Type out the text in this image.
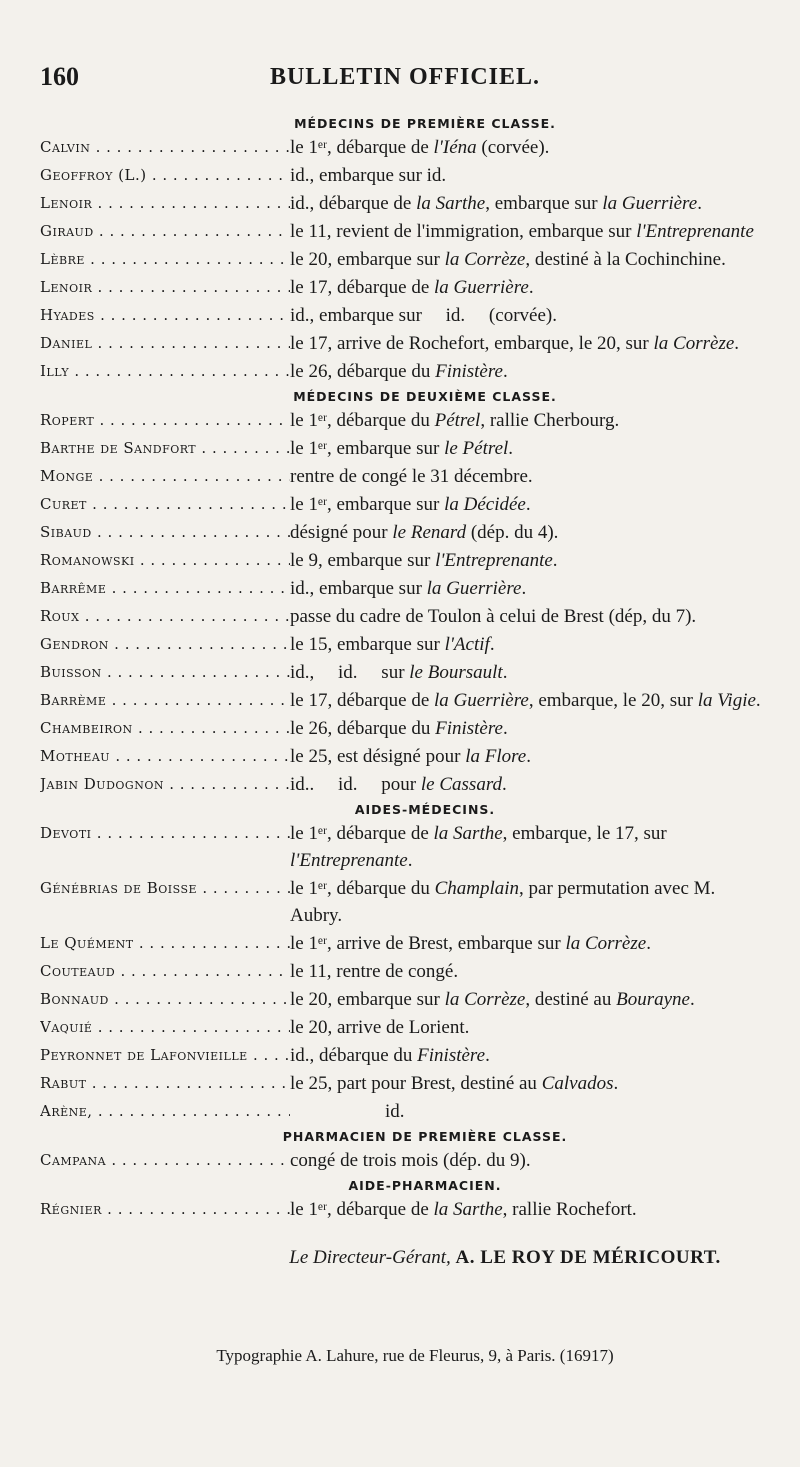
160	BULLETIN OFFICIEL.
MÉDECINS DE PREMIÈRE CLASSE.
Calvin . . .	le 1ᵉʳ, débarque de l'Iéna (corvée).
Geoffroy (L.) . . .	id., embarque sur id.
Lenoir . . .	id., débarque de la Sarthe, embarque sur la Guerrière.
Giraud . . .	le 11, revient de l'immigration, embarque sur l'Entreprenante
Lèbre . . .	le 20, embarque sur la Corrèze, destiné à la Cochinchine.
Lenoir . . .	le 17, débarque de la Guerrière.
Hyades . . .	id., embarque sur     id.     (corvée).
Daniel . . .	le 17, arrive de Rochefort, embarque, le 20, sur la Corrèze.
Illy . . .	le 26, débarque du Finistère.
MÉDECINS DE DEUXIÈME CLASSE.
Ropert . . .	le 1ᵉʳ, débarque du Pétrel, rallie Cherbourg.
Barthe de Sandfort . . .	le 1ᵉʳ, embarque sur le Pétrel.
Monge . . .	rentre de congé le 31 décembre.
Curet . . .	le 1ᵉʳ, embarque sur la Décidée.
Sibaud . . .	désigné pour le Renard (dép. du 4).
Romanowski . . .	le 9, embarque sur l'Entreprenante.
Barrême . . .	id., embarque sur la Guerrière.
Roux . . .	passe du cadre de Toulon à celui de Brest (dép, du 7).
Gendron . . .	le 15, embarque sur l'Actif.
Buisson . . .	id.,     id.     sur le Boursault.
Barrème . . .	le 17, débarque de la Guerrière, embarque, le 20, sur la Vigie.
Chambeiron . . .	le 26, débarque du Finistère.
Motheau . . .	le 25, est désigné pour la Flore.
Jabin Dudognon . . .	id..     id.     pour le Cassard.
AIDES-MÉDECINS.
Devoti . . .	le 1ᵉʳ, débarque de la Sarthe, embarque, le 17, sur l'Entreprenante.
Génébrias de Boisse . . .	le 1ᵉʳ, débarque du Champlain, par permutation avec M. Aubry.
Le Quément . . .	le 1ᵉʳ, arrive de Brest, embarque sur la Corrèze.
Couteaud . . .	le 11, rentre de congé.
Bonnaud . . .	le 20, embarque sur la Corrèze, destiné au Bourayne.
Vaquié . . .	le 20, arrive de Lorient.
Peyronnet de Lafonvieille . . .	id., débarque du Finistère.
Rabut . . .	le 25, part pour Brest, destiné au Calvados.
Arène, . . .	id.
PHARMACIEN DE PREMIÈRE CLASSE.
Campana . . .	congé de trois mois (dép. du 9).
AIDE-PHARMACIEN.
Régnier . . .	le 1ᵉʳ, débarque de la Sarthe, rallie Rochefort.
Le Directeur-Gérant, A. LE ROY DE MÉRICOURT.
Typographie A. Lahure, rue de Fleurus, 9, à Paris. (16917)
